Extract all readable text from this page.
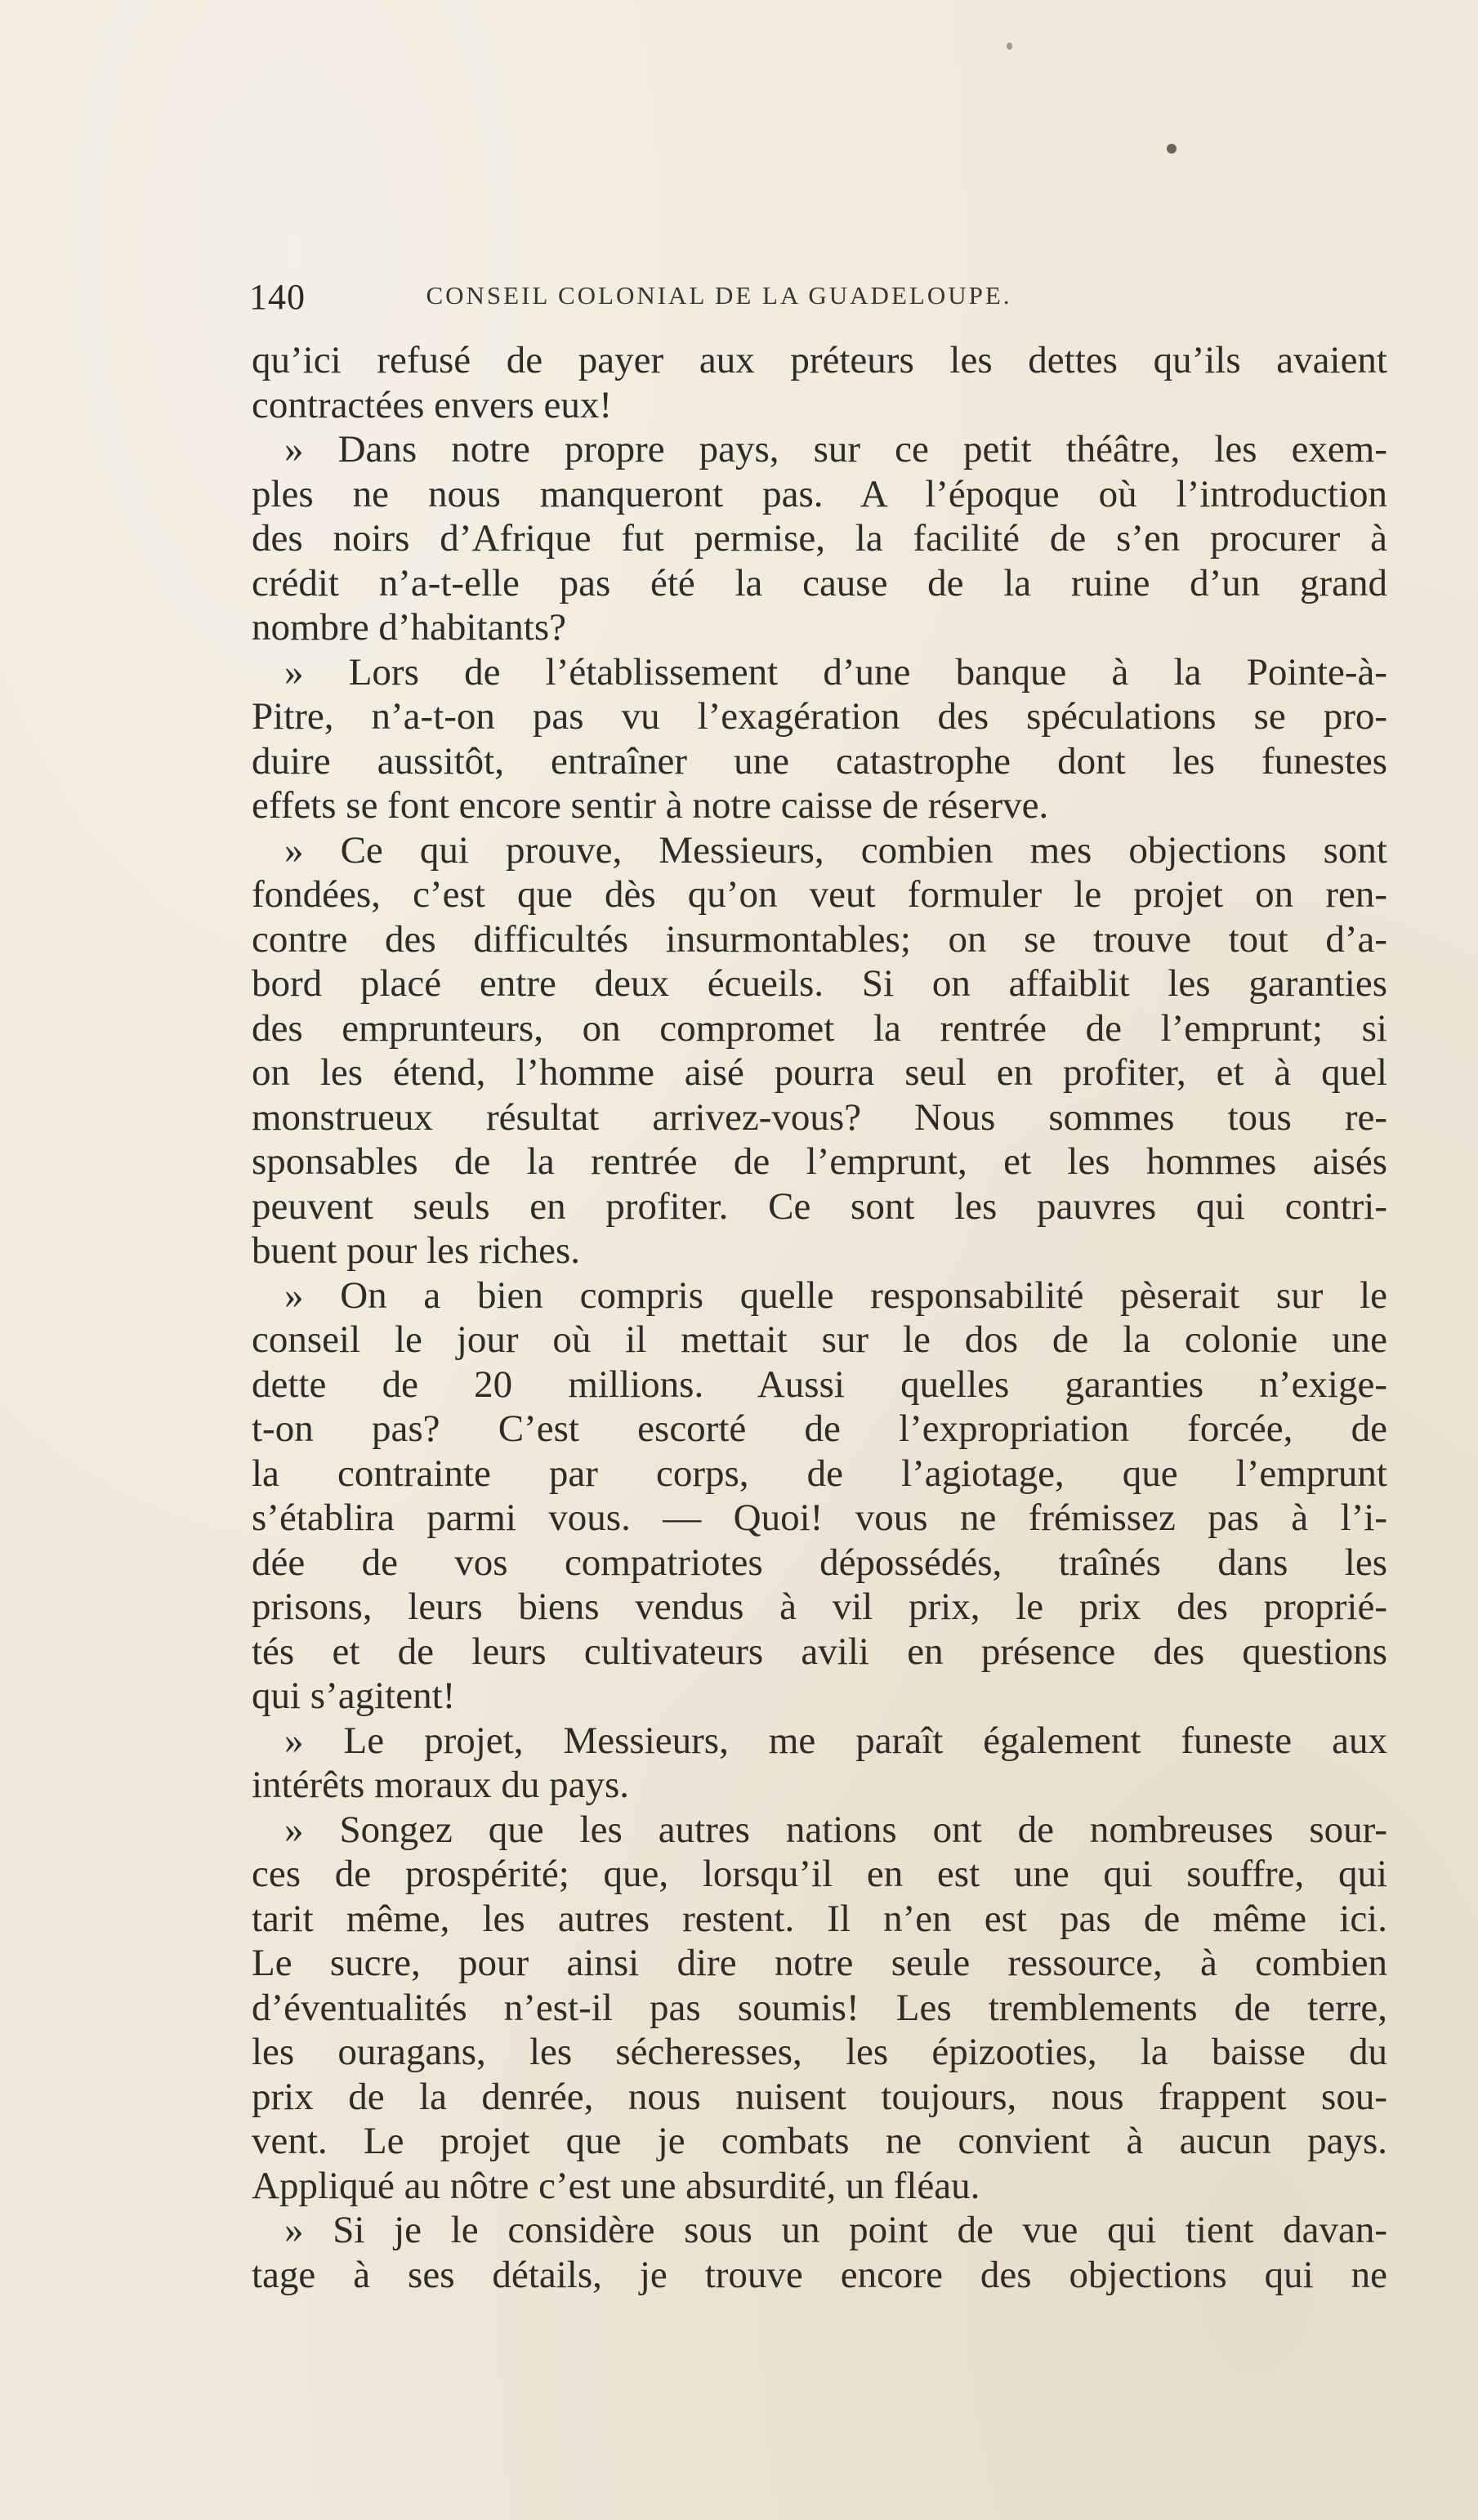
140	CONSEIL COLONIAL DE LA GUADELOUPE.
qu’ici refusé de payer aux préteurs les dettes qu’ils avaient
contractées envers eux!
» Dans notre propre pays, sur ce petit théâtre, les exem-
ples ne nous manqueront pas. A l’époque où l’introduction
des noirs d’Afrique fut permise, la facilité de s’en procurer à
crédit n’a-t-elle pas été la cause de la ruine d’un grand
nombre d’habitants?
» Lors de l’établissement d’une banque à la Pointe-à-
Pitre, n’a-t-on pas vu l’exagération des spéculations se pro-
duire aussitôt, entraîner une catastrophe dont les funestes
effets se font encore sentir à notre caisse de réserve.
» Ce qui prouve, Messieurs, combien mes objections sont
fondées, c’est que dès qu’on veut formuler le projet on ren-
contre des difficultés insurmontables; on se trouve tout d’a-
bord placé entre deux écueils. Si on affaiblit les garanties
des emprunteurs, on compromet la rentrée de l’emprunt; si
on les étend, l’homme aisé pourra seul en profiter, et à quel
monstrueux résultat arrivez-vous? Nous sommes tous re-
sponsables de la rentrée de l’emprunt, et les hommes aisés
peuvent seuls en profiter. Ce sont les pauvres qui contri-
buent pour les riches.
» On a bien compris quelle responsabilité pèserait sur le
conseil le jour où il mettait sur le dos de la colonie une
dette de 20 millions. Aussi quelles garanties n’exige-
t-on pas? C’est escorté de l’expropriation forcée, de
la contrainte par corps, de l’agiotage, que l’emprunt
s’établira parmi vous. — Quoi! vous ne frémissez pas à l’i-
dée de vos compatriotes dépossédés, traînés dans les
prisons, leurs biens vendus à vil prix, le prix des proprié-
tés et de leurs cultivateurs avili en présence des questions
qui s’agitent!
» Le projet, Messieurs, me paraît également funeste aux
intérêts moraux du pays.
» Songez que les autres nations ont de nombreuses sour-
ces de prospérité; que, lorsqu’il en est une qui souffre, qui
tarit même, les autres restent. Il n’en est pas de même ici.
Le sucre, pour ainsi dire notre seule ressource, à combien
d’éventualités n’est-il pas soumis! Les tremblements de terre,
les ouragans, les sécheresses, les épizooties, la baisse du
prix de la denrée, nous nuisent toujours, nous frappent sou-
vent. Le projet que je combats ne convient à aucun pays.
Appliqué au nôtre c’est une absurdité, un fléau.
» Si je le considère sous un point de vue qui tient davan-
tage à ses détails, je trouve encore des objections qui ne
